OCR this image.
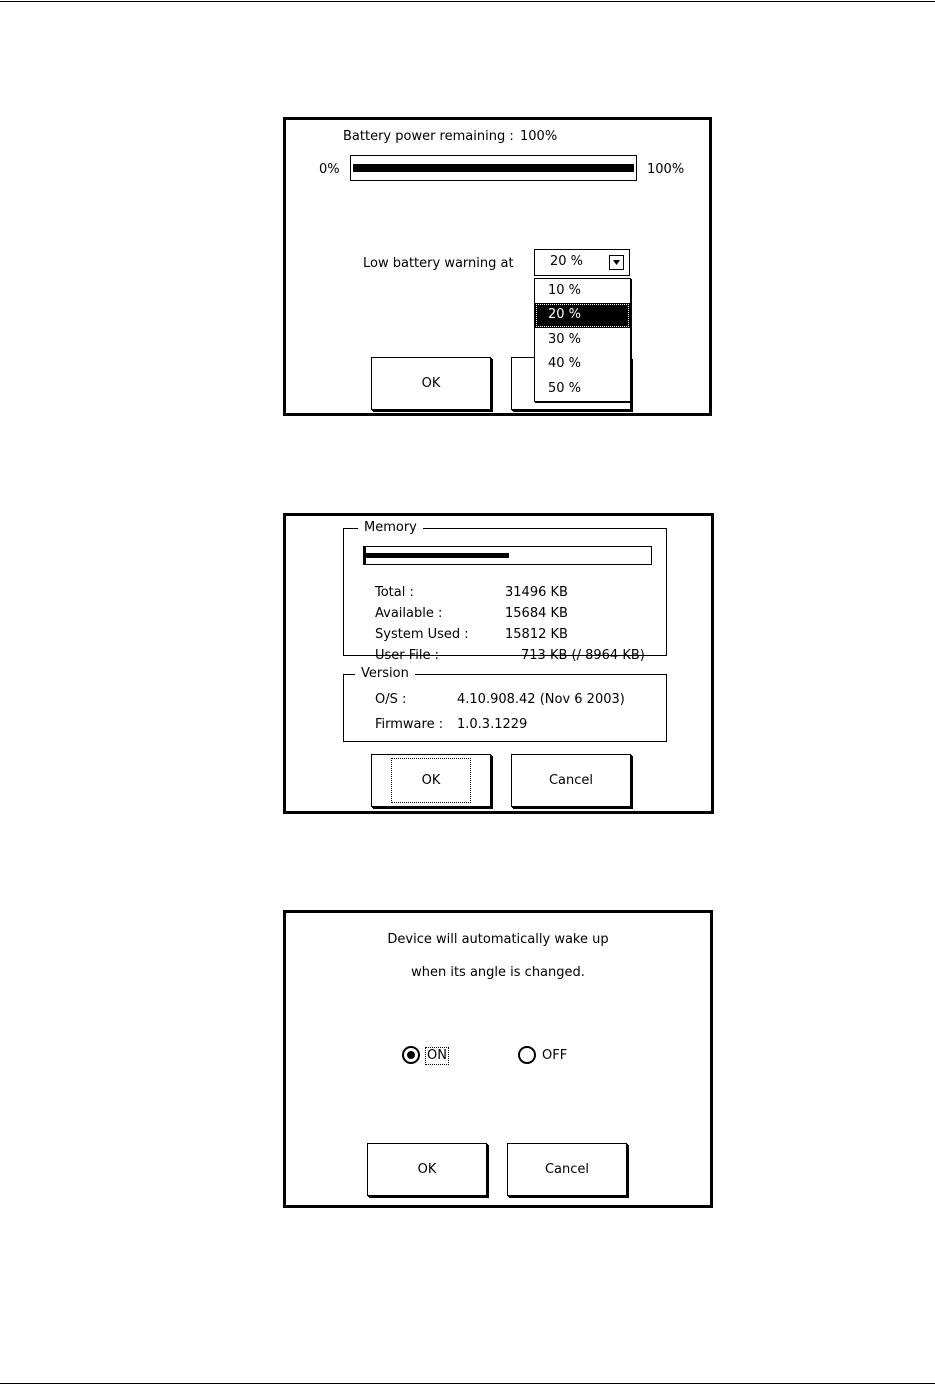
Battery power remaining : 100%
0%	100%
Low battery warning at	20 %
OK
10 %
20 %
30 %
40 %
50 %
Memory
Total :	31496 KB
Available :	15684 KB
System Used :	15812 KB
User File :	713 KB (/ 8964 KB)
Version
O/S :	4.10.908.42 (Nov 6 2003)
Firmware : 1.0.3.1229
OK	Cancel
Device will automatically wake up
when its angle is changed.
ON	OFF
OK	Cancel
